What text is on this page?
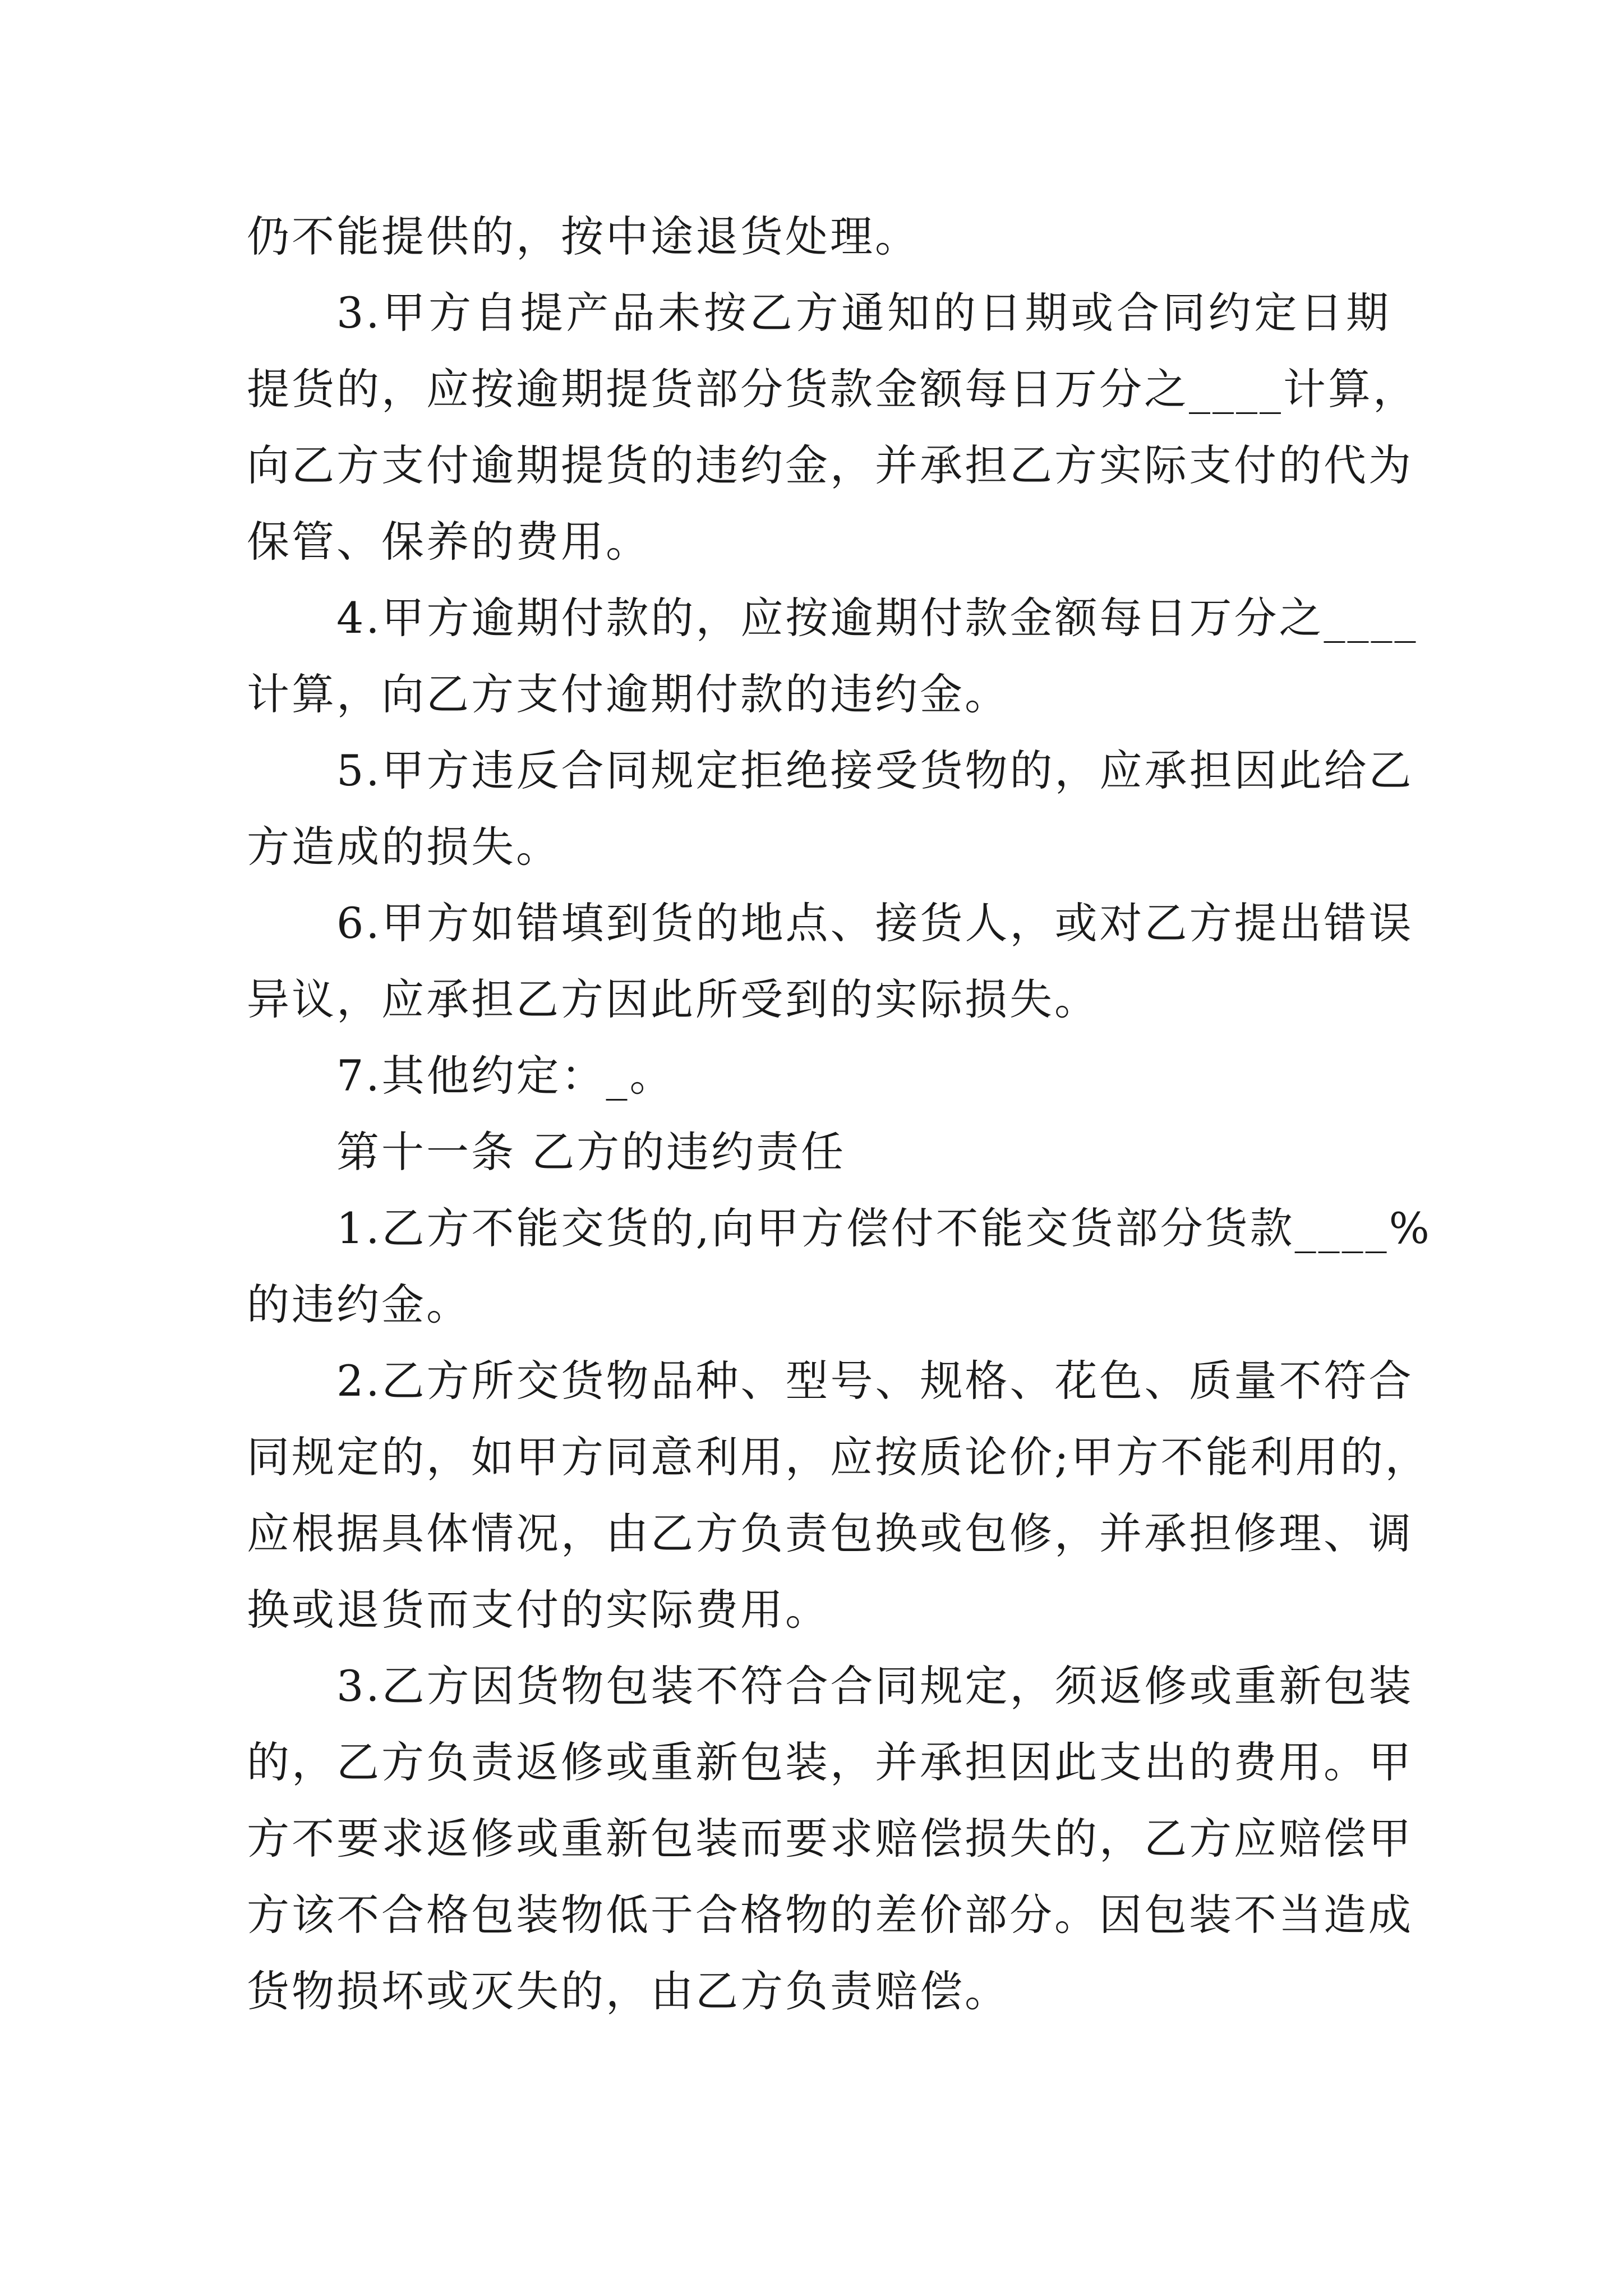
仍不能提供的，按中途退货处理。
3.甲方自提产品未按乙方通知的日期或合同约定日期
提货的，应按逾期提货部分货款金额每日万分之____计算，
向乙方支付逾期提货的违约金，并承担乙方实际支付的代为
保管、保养的费用。
4.甲方逾期付款的，应按逾期付款金额每日万分之____
计算，向乙方支付逾期付款的违约金。
5.甲方违反合同规定拒绝接受货物的，应承担因此给乙
方造成的损失。
6.甲方如错填到货的地点、接货人，或对乙方提出错误
异议，应承担乙方因此所受到的实际损失。
7.其他约定：_。
第十一条 乙方的违约责任
1.乙方不能交货的,向甲方偿付不能交货部分货款____%
的违约金。
2.乙方所交货物品种、型号、规格、花色、质量不符合
同规定的，如甲方同意利用，应按质论价;甲方不能利用的，
应根据具体情况，由乙方负责包换或包修，并承担修理、调
换或退货而支付的实际费用。
3.乙方因货物包装不符合合同规定，须返修或重新包装
的，乙方负责返修或重新包装，并承担因此支出的费用。甲
方不要求返修或重新包装而要求赔偿损失的，乙方应赔偿甲
方该不合格包装物低于合格物的差价部分。因包装不当造成
货物损坏或灭失的，由乙方负责赔偿。
